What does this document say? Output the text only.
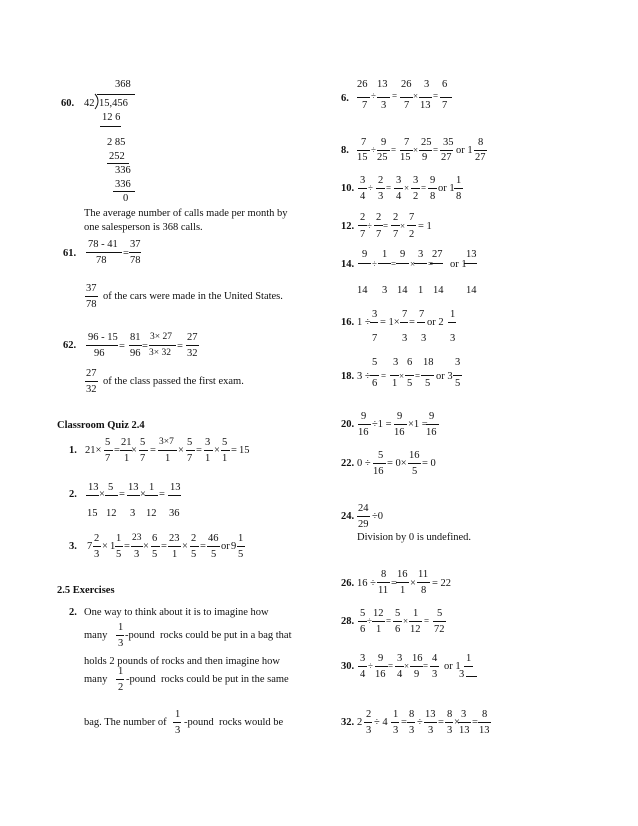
60.
368
42 15,456
12 6
2 85
252
336
336
0
The average number of calls made per month by
one salesperson is 368 calls.
61.
78 - 41
78
=
37
78
37
78
of the cars were made in the United States.
62.
96 - 15
96
=
81
96
=
3× 27
3× 32
=
27
32
27
32
of the class passed the first exam.
Classroom Quiz 2.4
1. 21×
5
7
=
21
1
×
5
7
=
3×7
1
×
5
7
=
3
1
×
5
1
= 15
2.
13
15
×
5
12
=
13
3
×
1
12
=
13
36
3. 7
2
3
× 1
1
5
=
23
3
×
6
5
=
23
1
×
2
5
=
46
5
or 9
1
5
2.5 Exercises
2. One way to think about it is to imagine how
many
1
3
-pound  rocks could be put in a bag that
holds 2 pounds of rocks and then imagine how
many
1
2
-pound  rocks could be put in the same
bag. The number of
1
3
-pound  rocks would be
6.
26 13 26 3 6
÷ = × =
7 3 7 13 7
8.
7 9 7 25 35 8
÷ = × = or 1
15 25 15 9 27 27
10.
3 2 3 3 9 1
÷ = × = or 1
4 3 4 2 8 8
12.
2 2 2 7
÷ = × = 1
7 7 7 2
14.
9 1 9 3 27 13
÷ = × = or 1
14 3 14 1 14 14
16. 1 ÷
3
= 1×
7
=
7
or 2
1
7 3 3 3
18. 3 ÷
5 3 6 18 3
= × = or 3
6 1 5 5 5
20.
9
16
÷1 =
9
16
×1 =
9
16
22. 0 ÷
5
16
= 0×
16
5
= 0
24.
24
29
÷0
Division by 0 is undefined.
26. 16 ÷
8
11
=
16
1
×
11
8
= 22
28.
5 12 5 1 5
÷ = × =
6 1 6 12 72
30.
3 9 3 16 4	1
÷ = × = or 1
4 16 4 9 3 3
32. 2
2
3
÷ 4
1
3
=
8
3
÷
13
3
=
8
3
×
3
13
=
8
13
